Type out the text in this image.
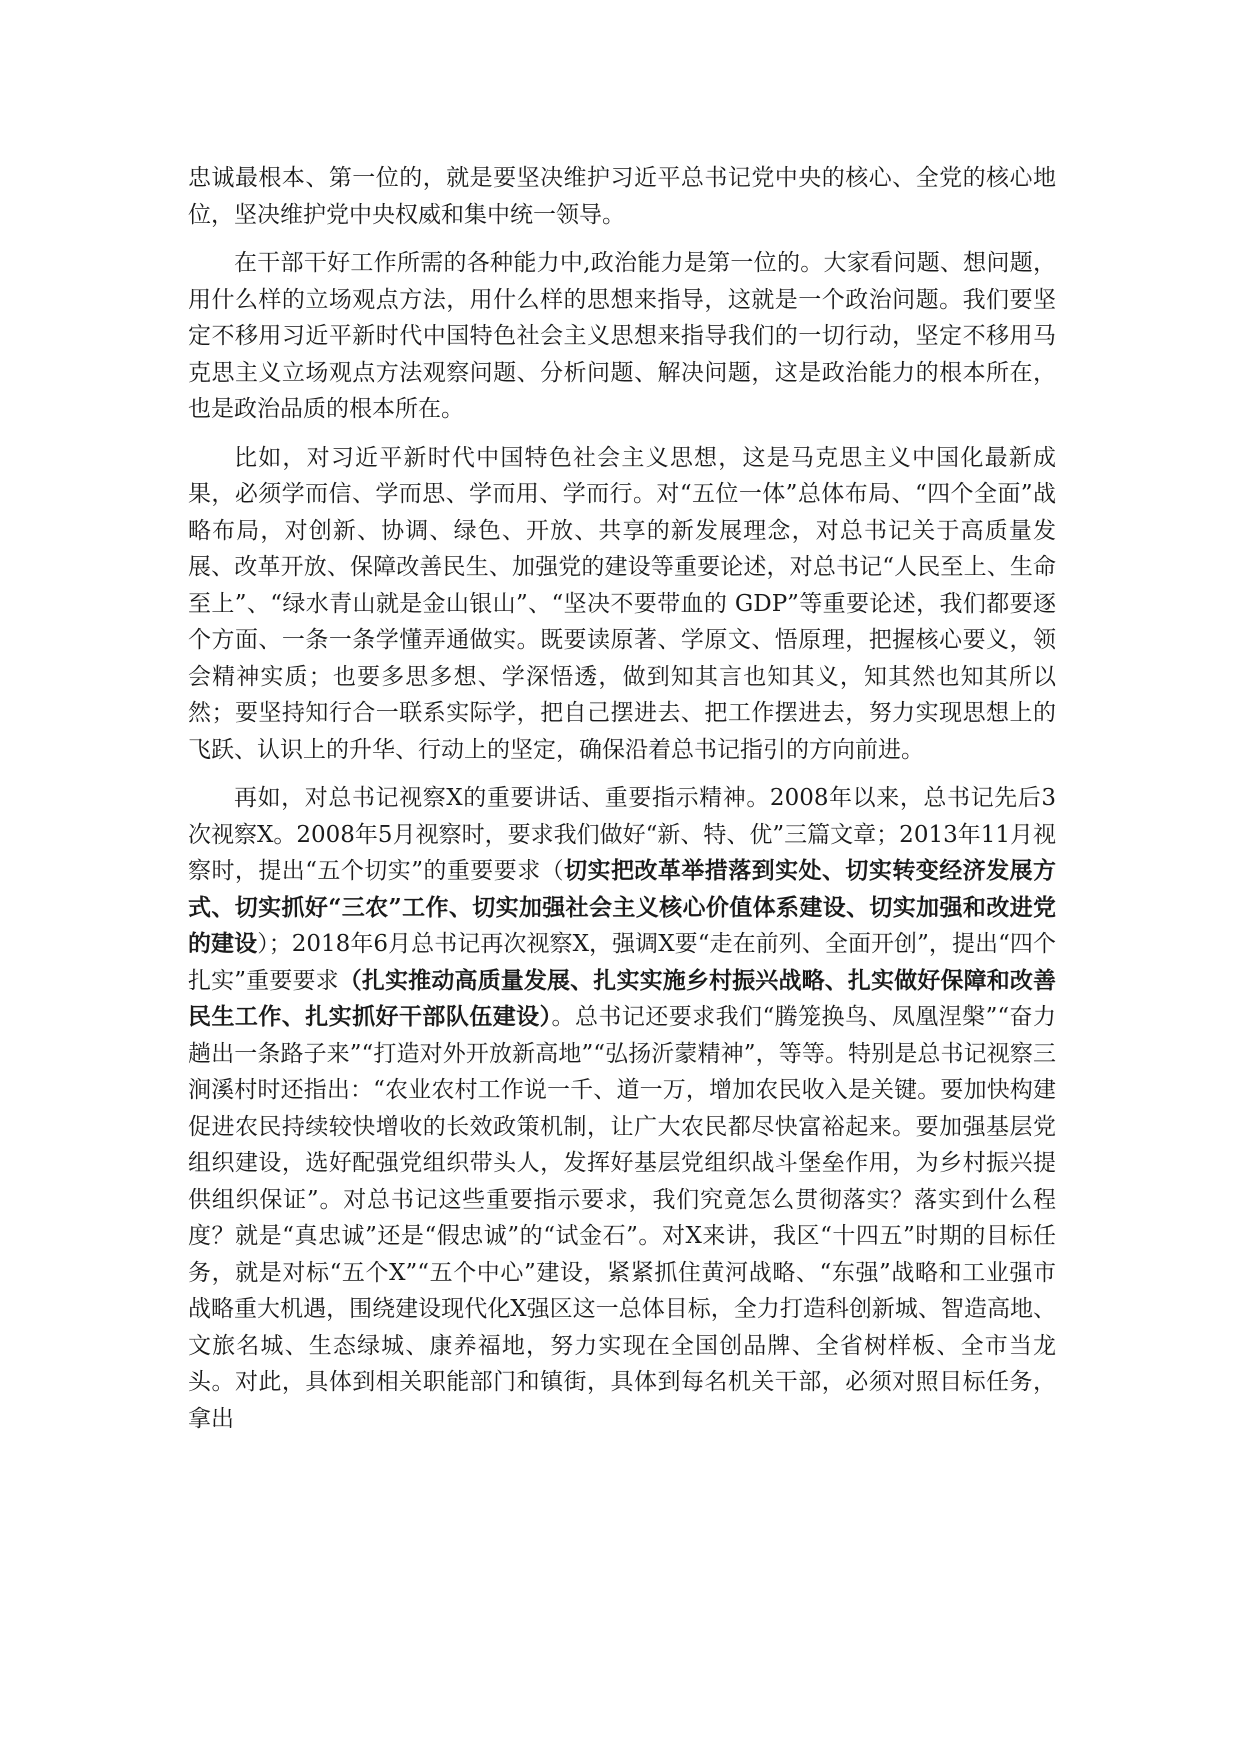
忠诚最根本、第一位的，就是要坚决维护习近平总书记党中央的核心、全党的核心地位，坚决维护党中央权威和集中统一领导。

在干部干好工作所需的各种能力中,政治能力是第一位的。大家看问题、想问题，用什么样的立场观点方法，用什么样的思想来指导，这就是一个政治问题。我们要坚定不移用习近平新时代中国特色社会主义思想来指导我们的一切行动，坚定不移用马克思主义立场观点方法观察问题、分析问题、解决问题，这是政治能力的根本所在，也是政治品质的根本所在。

比如，对习近平新时代中国特色社会主义思想，这是马克思主义中国化最新成果，必须学而信、学而思、学而用、学而行。对“五位一体”总体布局、“四个全面”战略布局，对创新、协调、绿色、开放、共享的新发展理念，对总书记关于高质量发展、改革开放、保障改善民生、加强党的建设等重要论述，对总书记“人民至上、生命至上”、“绿水青山就是金山银山”、“坚决不要带血的 GDP”等重要论述，我们都要逐个方面、一条一条学懂弄通做实。既要读原著、学原文、悟原理，把握核心要义，领会精神实质；也要多思多想、学深悟透，做到知其言也知其义，知其然也知其所以然；要坚持知行合一联系实际学，把自己摆进去、把工作摆进去，努力实现思想上的飞跃、认识上的升华、行动上的坚定，确保沿着总书记指引的方向前进。

再如，对总书记视察X的重要讲话、重要指示精神。2008年以来，总书记先后3次视察X。2008年5月视察时，要求我们做好“新、特、优”三篇文章；2013年11月视察时，提出“五个切实”的重要要求（切实把改革举措落到实处、切实转变经济发展方式、切实抓好“三农”工作、切实加强社会主义核心价值体系建设、切实加强和改进党的建设）；2018年6月总书记再次视察X，强调X要“走在前列、全面开创”，提出“四个扎实”重要要求（扎实推动高质量发展、扎实实施乡村振兴战略、扎实做好保障和改善民生工作、扎实抓好干部队伍建设）。总书记还要求我们“腾笼换鸟、凤凰涅槃”“奋力趟出一条路子来”“打造对外开放新高地”“弘扬沂蒙精神”，等等。特别是总书记视察三涧溪村时还指出：“农业农村工作说一千、道一万，增加农民收入是关键。要加快构建促进农民持续较快增收的长效政策机制，让广大农民都尽快富裕起来。要加强基层党组织建设，选好配强党组织带头人，发挥好基层党组织战斗堡垒作用，为乡村振兴提供组织保证”。对总书记这些重要指示要求，我们究竟怎么贯彻落实？落实到什么程度？就是“真忠诚”还是“假忠诚”的“试金石”。对X来讲，我区“十四五”时期的目标任务，就是对标“五个X”“五个中心”建设，紧紧抓住黄河战略、“东强”战略和工业强市战略重大机遇，围绕建设现代化X强区这一总体目标，全力打造科创新城、智造高地、文旅名城、生态绿城、康养福地，努力实现在全国创品牌、全省树样板、全市当龙头。对此，具体到相关职能部门和镇街，具体到每名机关干部，必须对照目标任务，拿出
